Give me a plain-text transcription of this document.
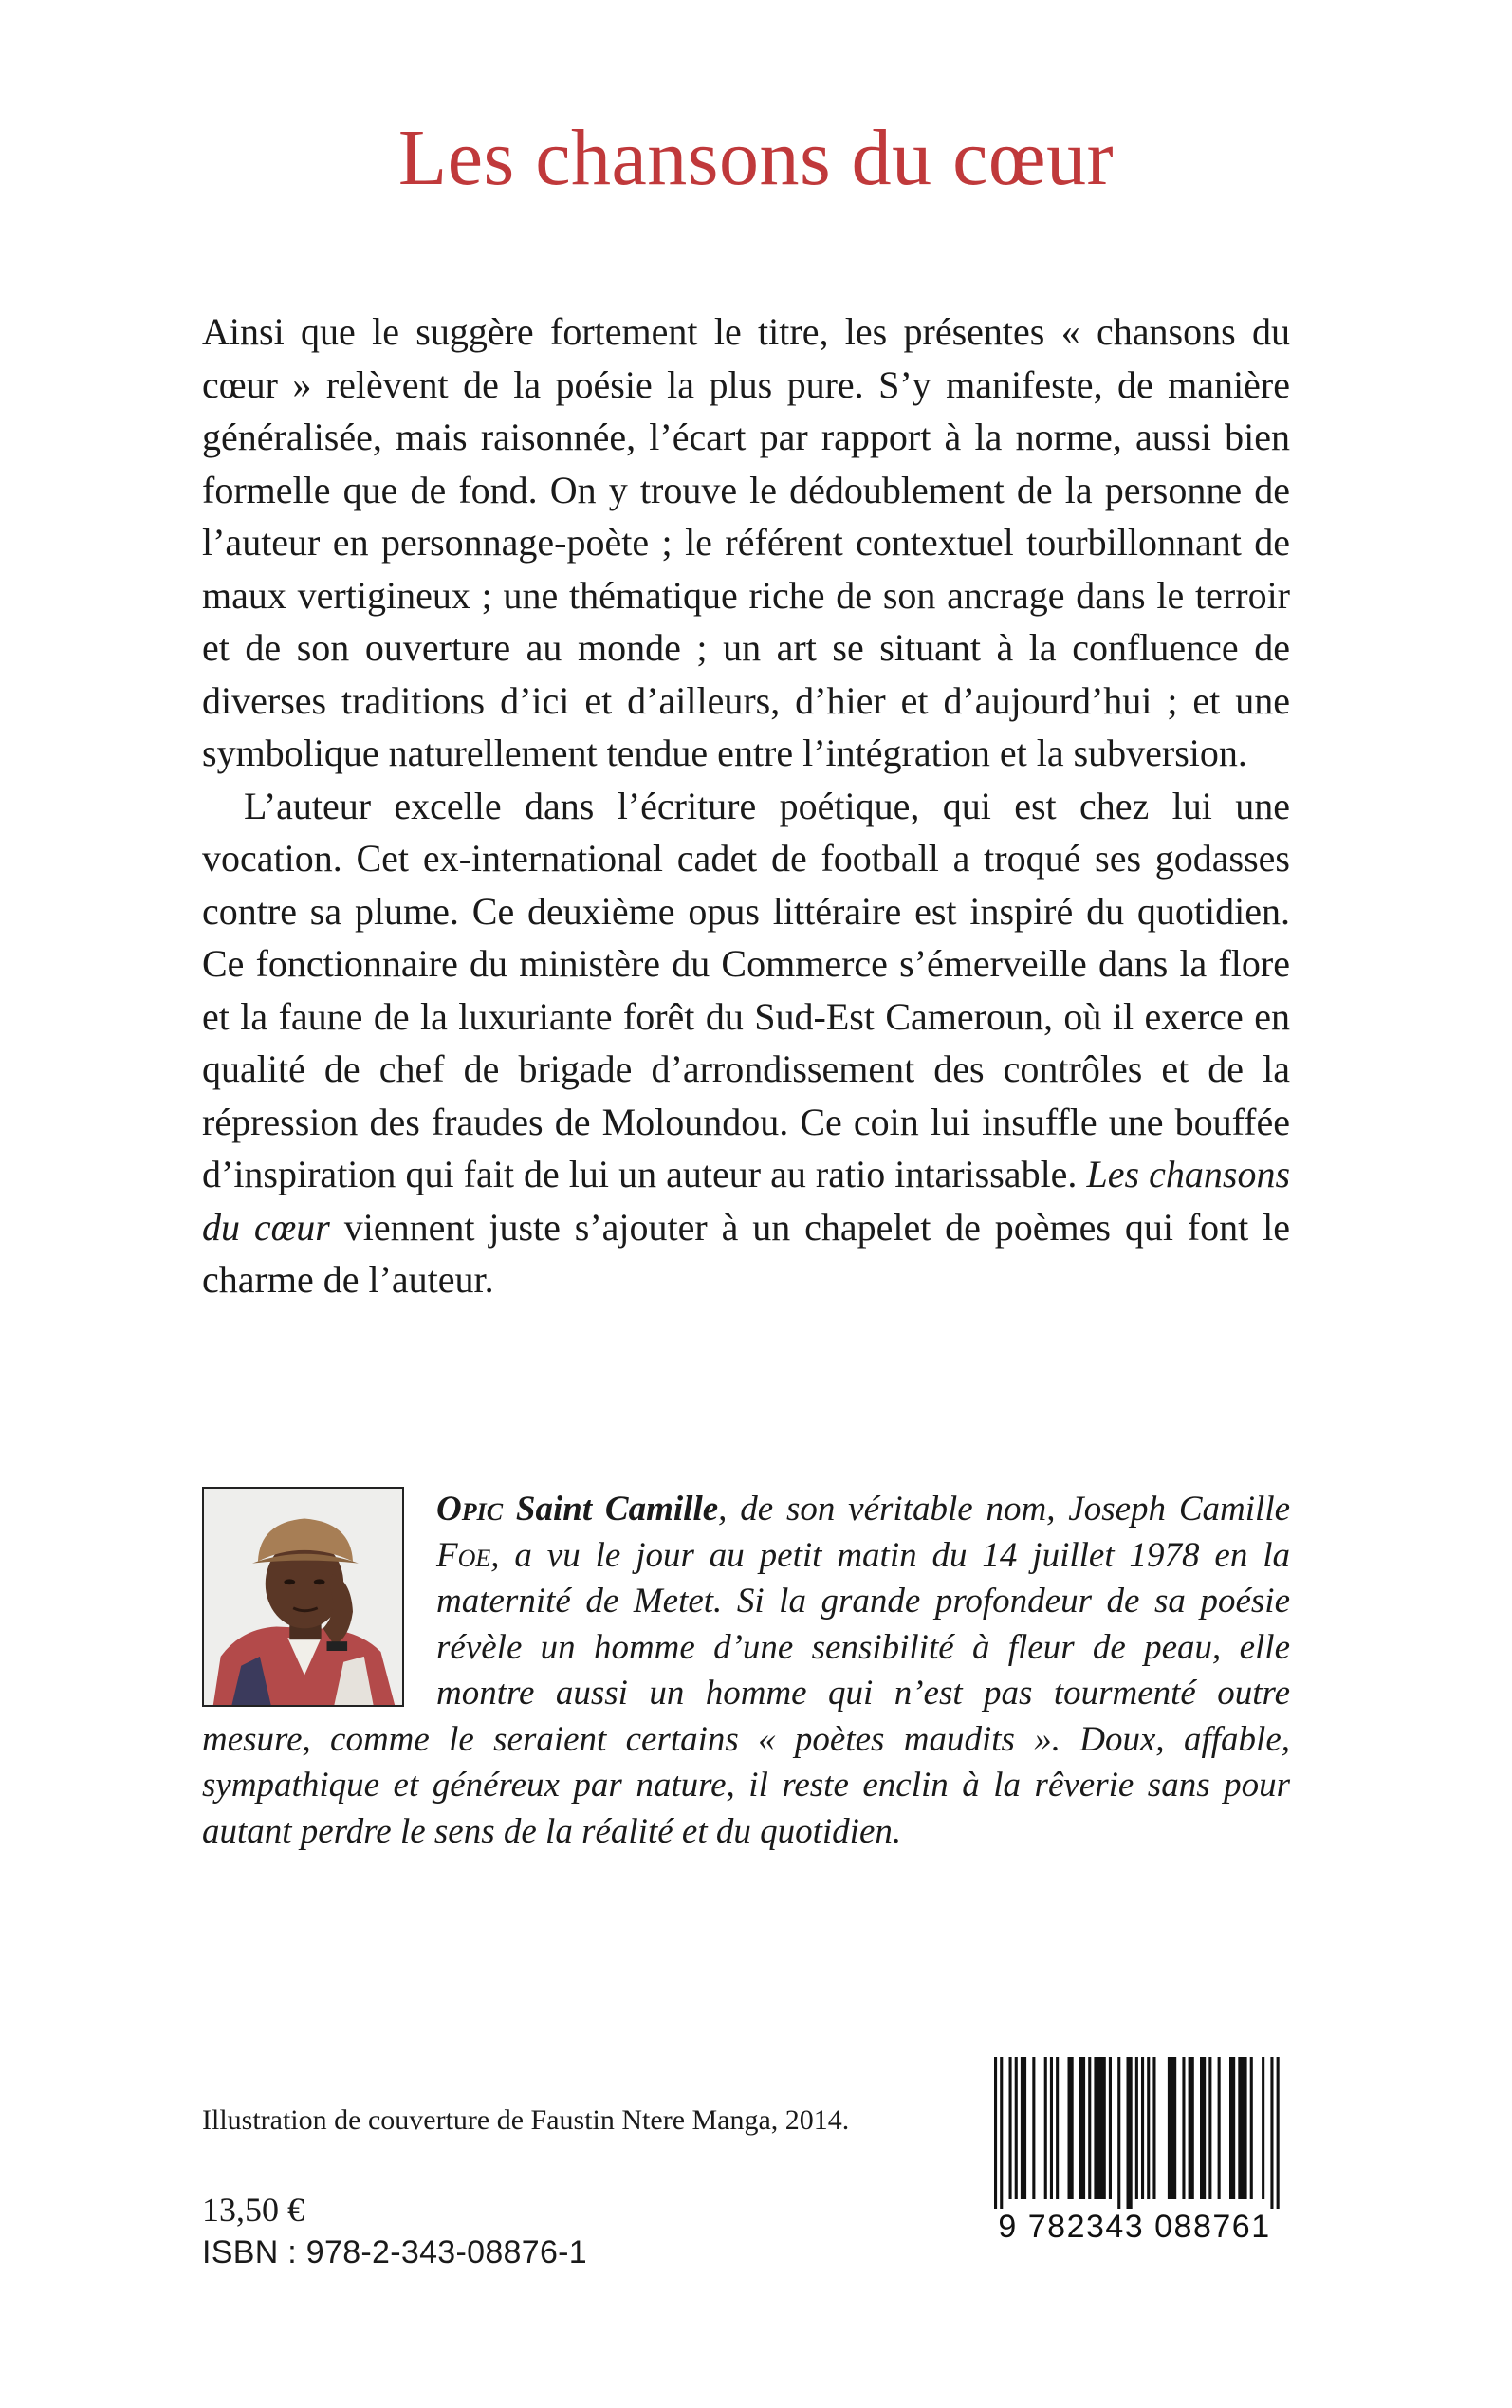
Les chansons du cœur

Ainsi que le suggère fortement le titre, les présentes « chansons du cœur » relèvent de la poésie la plus pure. S’y manifeste, de manière généralisée, mais raisonnée, l’écart par rapport à la norme, aussi bien formelle que de fond. On y trouve le dédoublement de la personne de l’auteur en personnage-poète ; le référent contextuel tourbillonnant de maux vertigineux ; une thématique riche de son ancrage dans le terroir et de son ouverture au monde ; un art se situant à la confluence de diverses traditions d’ici et d’ailleurs, d’hier et d’aujourd’hui ; et une symbolique naturellement tendue entre l’intégration et la subversion.

L’auteur excelle dans l’écriture poétique, qui est chez lui une vocation. Cet ex-international cadet de football a troqué ses godasses contre sa plume. Ce deuxième opus littéraire est inspiré du quotidien. Ce fonctionnaire du ministère du Commerce s’émerveille dans la flore et la faune de la luxuriante forêt du Sud-Est Cameroun, où il exerce en qualité de chef de brigade d’arrondissement des contrôles et de la répression des fraudes de Moloundou. Ce coin lui insuffle une bouffée d’inspiration qui fait de lui un auteur au ratio intarissable. Les chansons du cœur viennent juste s’ajouter à un chapelet de poèmes qui font le charme de l’auteur.

Opic Saint Camille, de son véritable nom, Joseph Camille Foe, a vu le jour au petit matin du 14 juillet 1978 en la maternité de Metet. Si la grande profondeur de sa poésie révèle un homme d’une sensibilité à fleur de peau, elle montre aussi un homme qui n’est pas tourmenté outre mesure, comme le seraient certains « poètes maudits ». Doux, affable, sympathique et généreux par nature, il reste enclin à la rêverie sans pour autant perdre le sens de la réalité et du quotidien.

Illustration de couverture de Faustin Ntere Manga, 2014.

13,50 €

ISBN : 978-2-343-08876-1

9 782343 088761
